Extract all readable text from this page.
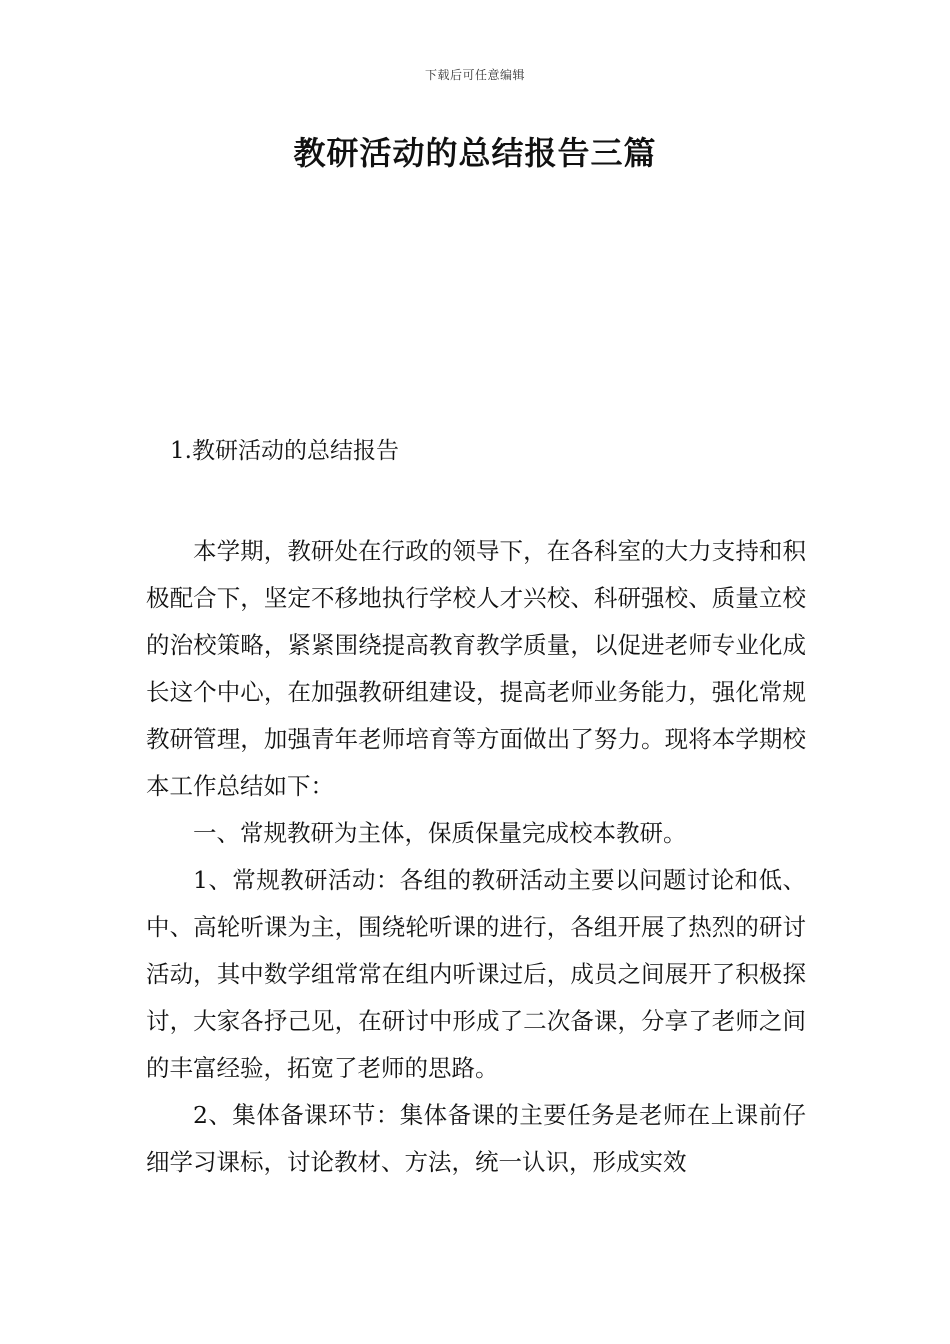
下载后可任意编辑
教研活动的总结报告三篇
1.教研活动的总结报告

本学期，教研处在行政的领导下，在各科室的大力支持和积极配合下，坚定不移地执行学校人才兴校、科研强校、质量立校的治校策略，紧紧围绕提高教育教学质量，以促进老师专业化成长这个中心，在加强教研组建设，提高老师业务能力，强化常规教研管理，加强青年老师培育等方面做出了努力。现将本学期校本工作总结如下：

一、常规教研为主体，保质保量完成校本教研。

1、常规教研活动：各组的教研活动主要以问题讨论和低、中、高轮听课为主，围绕轮听课的进行，各组开展了热烈的研讨活动，其中数学组常常在组内听课过后，成员之间展开了积极探讨，大家各抒己见，在研讨中形成了二次备课，分享了老师之间的丰富经验，拓宽了老师的思路。

2、集体备课环节：集体备课的主要任务是老师在上课前仔细学习课标，讨论教材、方法，统一认识，形成实效
